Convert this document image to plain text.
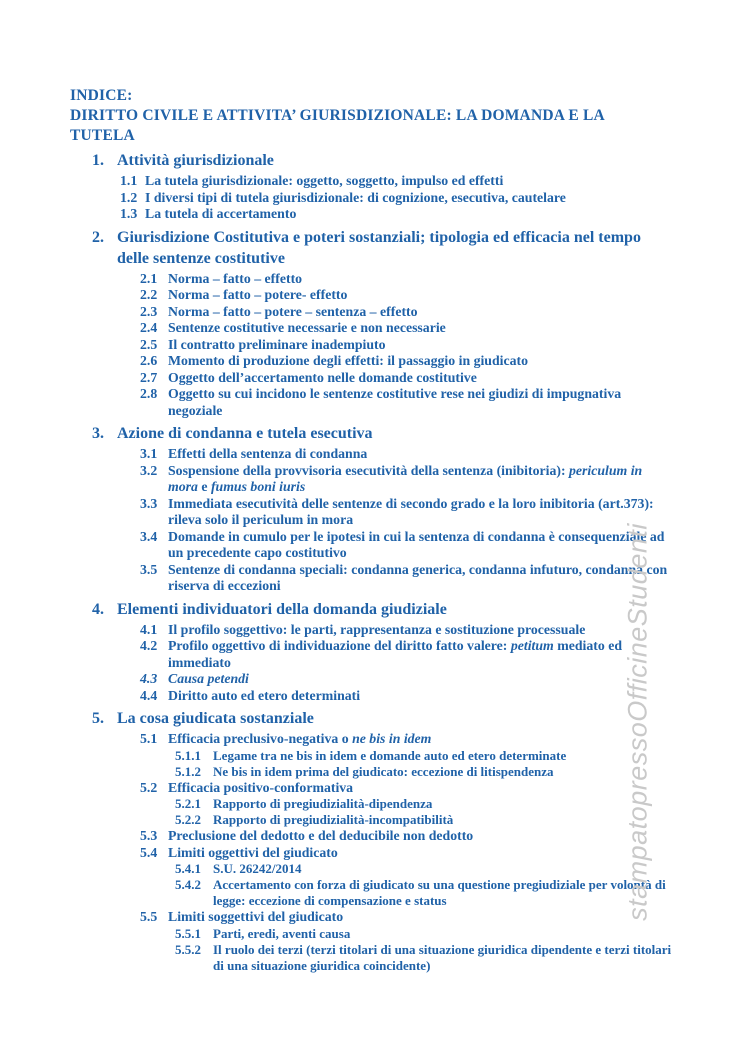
INDICE:
DIRITTO CIVILE E ATTIVITA’ GIURISDIZIONALE: LA DOMANDA E LA TUTELA
1. Attività giurisdizionale
1.1 La tutela giurisdizionale: oggetto, soggetto, impulso ed effetti
1.2 I diversi tipi di tutela giurisdizionale: di cognizione, esecutiva, cautelare
1.3 La tutela di accertamento
2. Giurisdizione Costitutiva e poteri sostanziali; tipologia ed efficacia nel tempo delle sentenze costitutive
2.1 Norma – fatto – effetto
2.2 Norma – fatto – potere- effetto
2.3 Norma – fatto – potere – sentenza – effetto
2.4 Sentenze costitutive necessarie e non necessarie
2.5 Il contratto preliminare inadempiuto
2.6 Momento di produzione degli effetti: il passaggio in giudicato
2.7 Oggetto dell’accertamento nelle domande costitutive
2.8 Oggetto su cui incidono le sentenze costitutive rese nei giudizi di impugnativa negoziale
3. Azione di condanna e tutela esecutiva
3.1 Effetti della sentenza di condanna
3.2 Sospensione della provvisoria esecutività della sentenza (inibitoria): periculum in mora e fumus boni iuris
3.3 Immediata esecutività delle sentenze di secondo grado e la loro inibitoria (art.373): rileva solo il periculum in mora
3.4 Domande in cumulo per le ipotesi in cui la sentenza di condanna è consequenziale ad un precedente capo costitutivo
3.5 Sentenze di condanna speciali: condanna generica, condanna infuturo, condanna con riserva di eccezioni
4. Elementi individuatori della domanda giudiziale
4.1 Il profilo soggettivo: le parti, rappresentanza e sostituzione processuale
4.2 Profilo oggettivo di individuazione del diritto fatto valere: petitum mediato ed immediato
4.3 Causa petendi
4.4 Diritto auto ed etero determinati
5. La cosa giudicata sostanziale
5.1 Efficacia preclusivo-negativa o ne bis in idem
5.1.1 Legame tra ne bis in idem e domande auto ed etero determinate
5.1.2 Ne bis in idem prima del giudicato: eccezione di litispendenza
5.2 Efficacia positivo-conformativa
5.2.1 Rapporto di pregiudizialità-dipendenza
5.2.2 Rapporto di pregiudizialità-incompatibilità
5.3 Preclusione del dedotto e del deducibile non dedotto
5.4 Limiti oggettivi del giudicato
5.4.1 S.U. 26242/2014
5.4.2 Accertamento con forza di giudicato su una questione pregiudiziale per volontà di legge: eccezione di compensazione e status
5.5 Limiti soggettivi del giudicato
5.5.1 Parti, eredi, aventi causa
5.5.2 Il ruolo dei terzi (terzi titolari di una situazione giuridica dipendente e terzi titolari di una situazione giuridica coincidente)
stampatopressoOfficineStudenti
